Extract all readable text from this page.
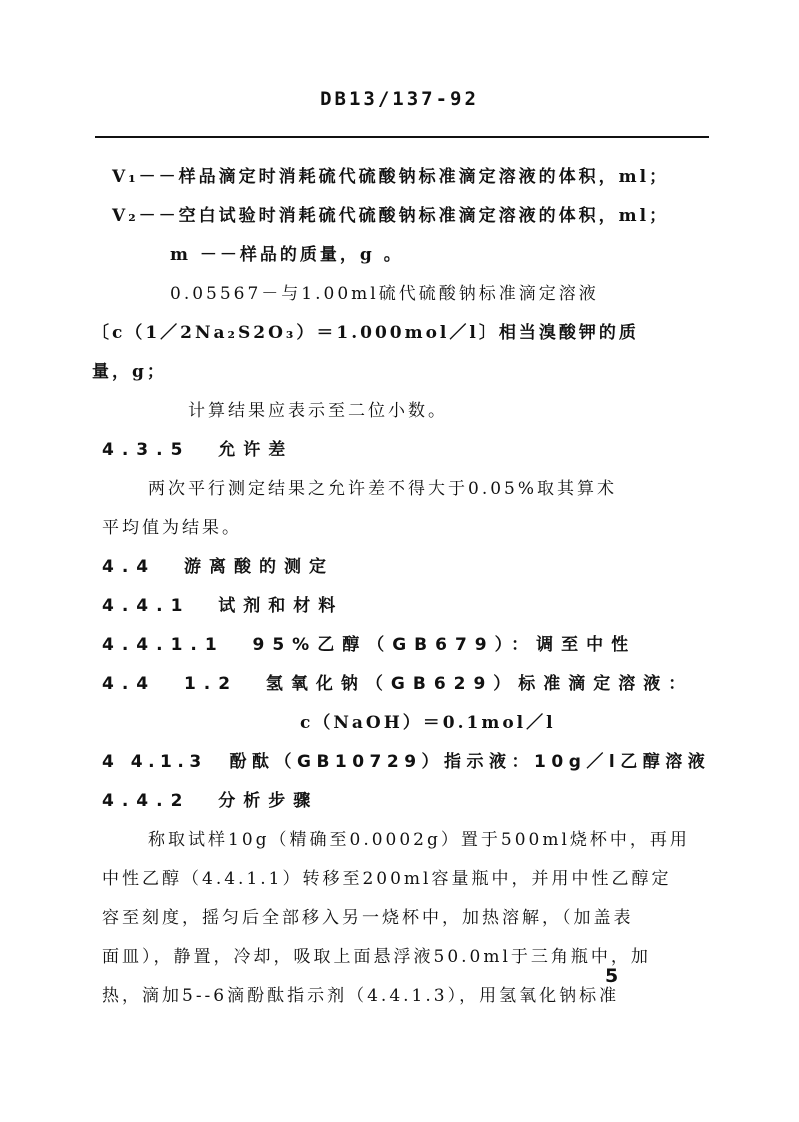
DB13/137-92
V₁－－样品滴定时消耗硫代硫酸钠标准滴定溶液的体积，ml；
V₂－－空白试验时消耗硫代硫酸钠标准滴定溶液的体积，ml；
m －－样品的质量，g 。
0.05567－与1.00ml硫代硫酸钠标准滴定溶液
〔c（1／2Na₂S2O₃）＝1.000mol／l〕相当溴酸钾的质
量，g；
计算结果应表示至二位小数。
4.3.5  允许差
两次平行测定结果之允许差不得大于0.05%取其算术
平均值为结果。
4.4  游离酸的测定
4.4.1  试剂和材料
4.4.1.1  95%乙醇（GB679）：调至中性
4.4  1.2  氢氧化钠（GB629）标准滴定溶液：
c（NaOH）＝0.1mol／l
4 4.1.3  酚酞（GB10729）指示液：10g／l乙醇溶液
4.4.2  分析步骤
称取试样10g（精确至0.0002g）置于500ml烧杯中，再用
中性乙醇（4.4.1.1）转移至200ml容量瓶中，并用中性乙醇定
容至刻度，摇匀后全部移入另一烧杯中，加热溶解，（加盖表
面皿），静置，冷却，吸取上面悬浮液50.0ml于三角瓶中，加
热，滴加5--6滴酚酞指示剂（4.4.1.3），用氢氧化钠标准
5
